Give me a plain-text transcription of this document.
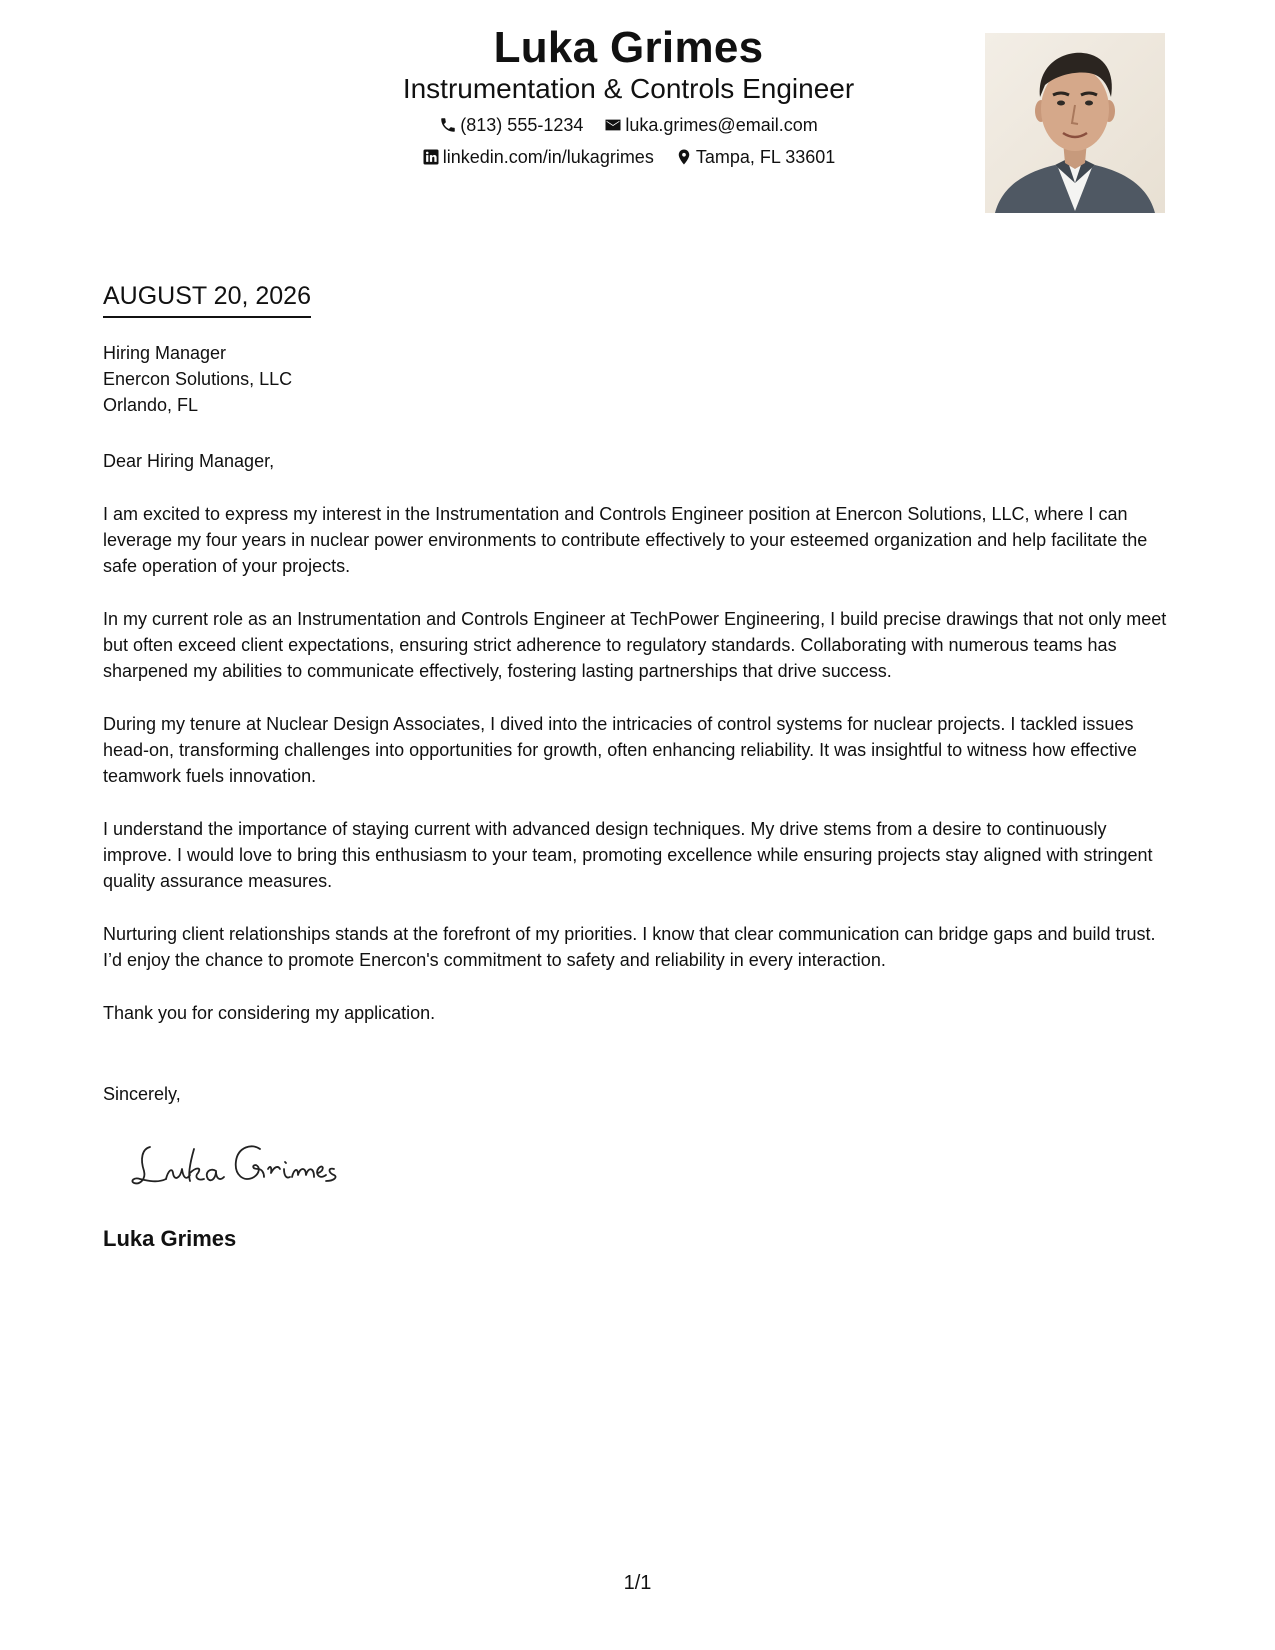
Luka Grimes
Instrumentation & Controls Engineer
(813) 555-1234 luka.grimes@email.com
linkedin.com/in/lukagrimes Tampa, FL 33601
AUGUST 20, 2026
Hiring Manager
Enercon Solutions, LLC
Orlando, FL

Dear Hiring Manager,

I am excited to express my interest in the Instrumentation and Controls Engineer position at Enercon Solutions, LLC, where I can leverage my four years in nuclear power environments to contribute effectively to your esteemed organization and help facilitate the safe operation of your projects.

In my current role as an Instrumentation and Controls Engineer at TechPower Engineering, I build precise drawings that not only meet but often exceed client expectations, ensuring strict adherence to regulatory standards. Collaborating with numerous teams has sharpened my abilities to communicate effectively, fostering lasting partnerships that drive success.

During my tenure at Nuclear Design Associates, I dived into the intricacies of control systems for nuclear projects. I tackled issues head-on, transforming challenges into opportunities for growth, often enhancing reliability. It was insightful to witness how effective teamwork fuels innovation.

I understand the importance of staying current with advanced design techniques. My drive stems from a desire to continuously improve. I would love to bring this enthusiasm to your team, promoting excellence while ensuring projects stay aligned with stringent quality assurance measures.

Nurturing client relationships stands at the forefront of my priorities. I know that clear communication can bridge gaps and build trust. I’d enjoy the chance to promote Enercon's commitment to safety and reliability in every interaction.

Thank you for considering my application.

Sincerely,
Luka Grimes
1/1
